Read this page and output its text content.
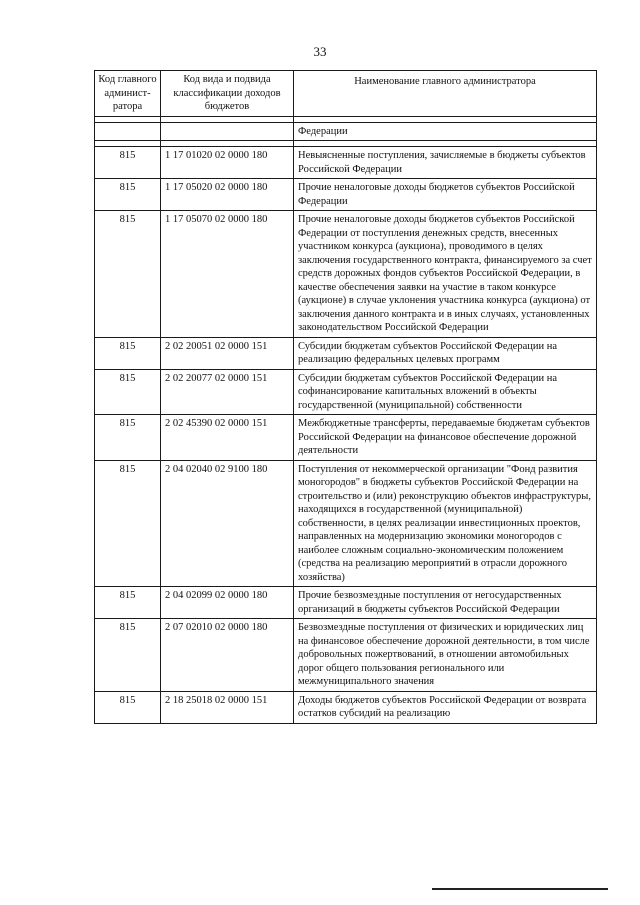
33
Код главного админист-ратора	Код вида и подвида классификации доходов бюджетов	Наименование главного администратора

		Федерации

815	1 17 01020 02 0000 180	Невыясненные поступления, зачисляемые в бюджеты субъектов Российской Федерации
815	1 17 05020 02 0000 180	Прочие неналоговые доходы бюджетов субъектов Российской Федерации
815	1 17 05070 02 0000 180	Прочие неналоговые доходы бюджетов субъектов Российской Федерации от поступления денежных средств, внесенных участником конкурса (аукциона), проводимого в целях заключения государственного контракта, финансируемого за счет средств дорожных фондов субъектов Российской Федерации, в качестве обеспечения заявки на участие в таком конкурсе (аукционе) в случае уклонения участника конкурса (аукциона) от заключения данного контракта и в иных случаях, установленных законодательством Российской Федерации
815	2 02 20051 02 0000 151	Субсидии бюджетам субъектов Российской Федерации на реализацию федеральных целевых программ
815	2 02 20077 02 0000 151	Субсидии бюджетам субъектов Российской Федерации на софинансирование капитальных вложений в объекты государственной (муниципальной) собственности
815	2 02 45390 02 0000 151	Межбюджетные трансферты, передаваемые бюджетам субъектов Российской Федерации на финансовое обеспечение дорожной деятельности
815	2 04 02040 02 9100 180	Поступления от некоммерческой организации "Фонд развития моногородов" в бюджеты субъектов Российской Федерации на строительство и (или) реконструкцию объектов инфраструктуры, находящихся в государственной (муниципальной) собственности, в целях реализации инвестиционных проектов, направленных на модернизацию экономики моногородов с наиболее сложным социально-экономическим положением (средства на реализацию мероприятий в отрасли дорожного хозяйства)
815	2 04 02099 02 0000 180	Прочие безвозмездные поступления от негосударственных организаций в бюджеты субъектов Российской Федерации
815	2 07 02010 02 0000 180	Безвозмездные поступления от физических и юридических лиц на финансовое обеспечение дорожной деятельности, в том числе добровольных пожертвований, в отношении автомобильных дорог общего пользования регионального или межмуниципального значения
815	2 18 25018 02 0000 151	Доходы бюджетов субъектов Российской Федерации от возврата остатков субсидий на реализацию
